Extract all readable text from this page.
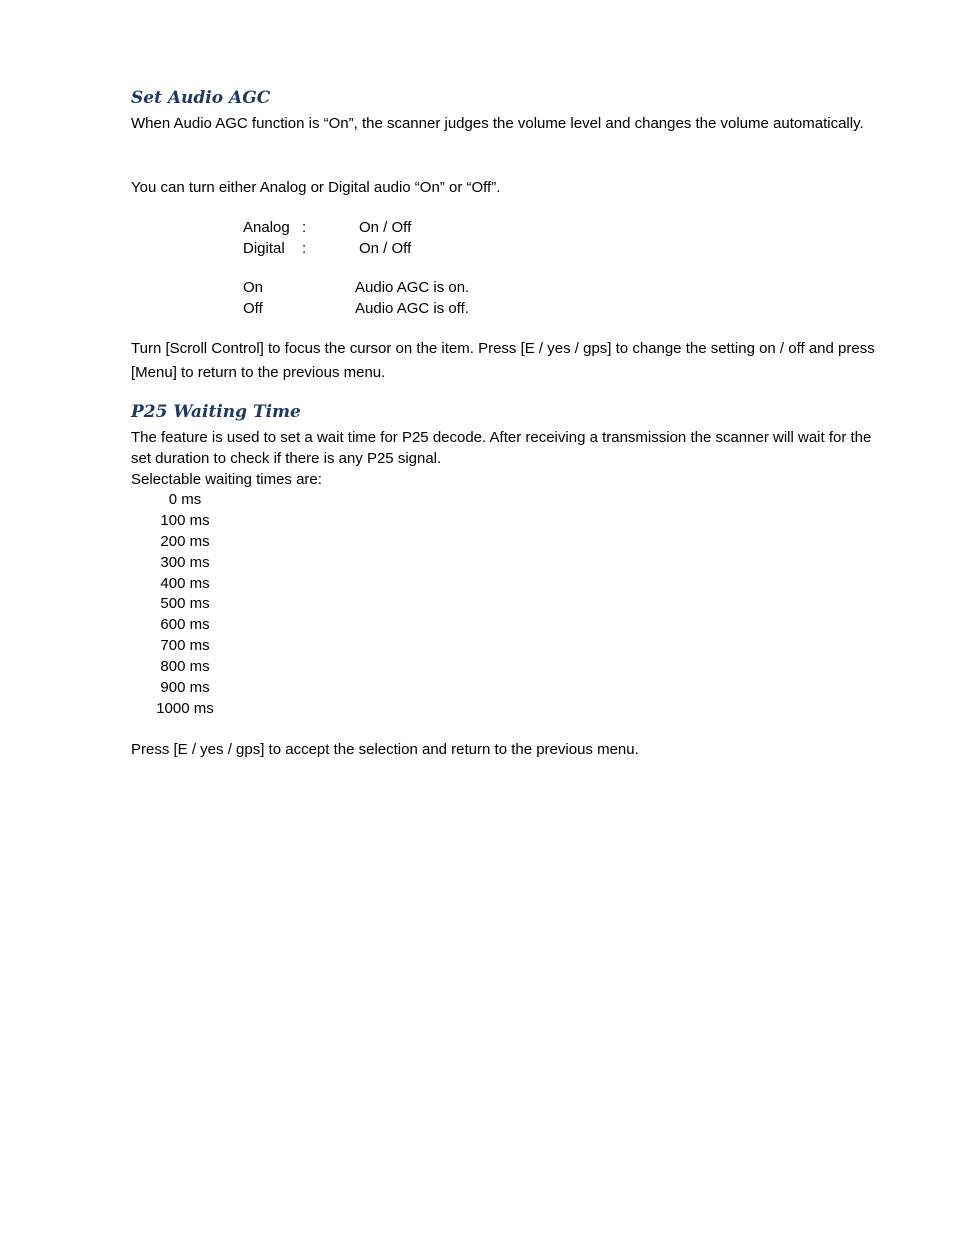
Set Audio AGC

When Audio AGC function is “On”, the scanner judges the volume level and changes the volume automatically.

You can turn either Analog or Digital audio “On” or “Off”.

Analog :	On / Off
Digital :	On / Off
On	Audio AGC is on.
Off	Audio AGC is off.

Turn [Scroll Control] to focus the cursor on the item. Press [E / yes / gps] to change the setting on / off and press [Menu] to return to the previous menu.

P25 Waiting Time

The feature is used to set a wait time for P25 decode. After receiving a transmission the scanner will wait for the set duration to check if there is any P25 signal.

Selectable waiting times are:

0 ms
100 ms
200 ms
300 ms
400 ms
500 ms
600 ms
700 ms
800 ms
900 ms
1000 ms

Press [E / yes / gps] to accept the selection and return to the previous menu.
